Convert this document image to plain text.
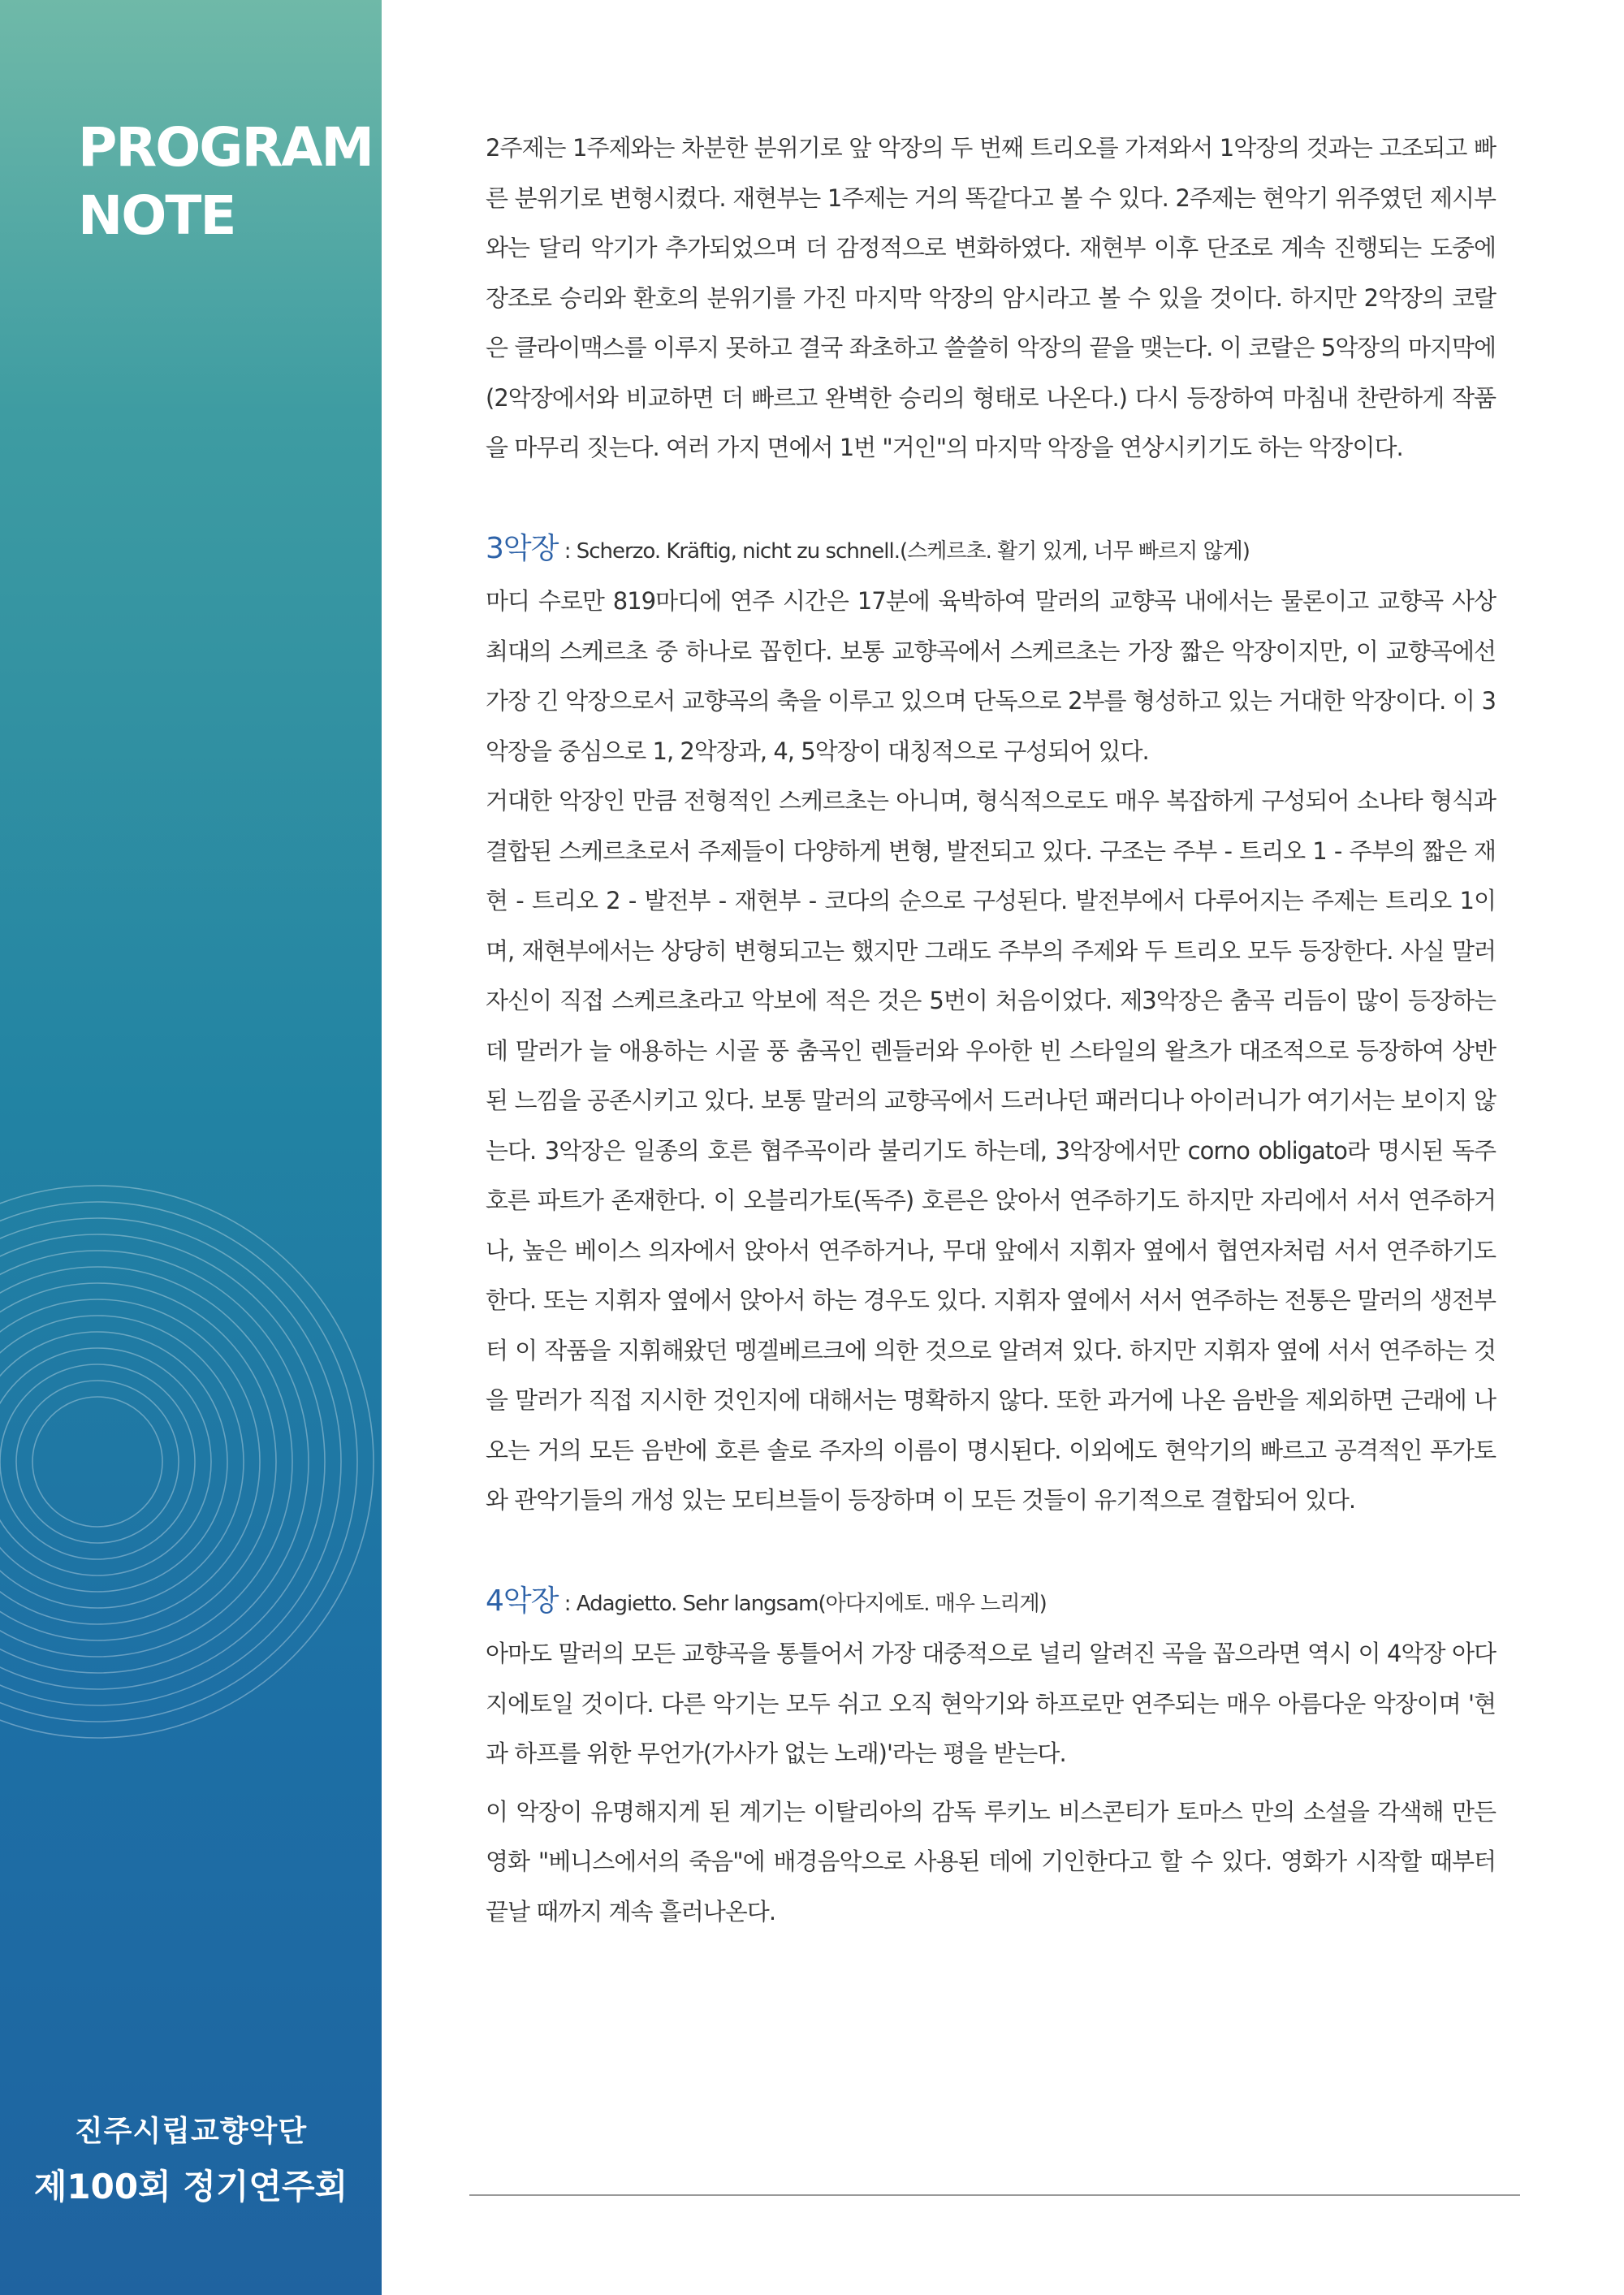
PROGRAM
NOTE
진주시립교향악단
제100회 정기연주회

2주제는 1주제와는 차분한 분위기로 앞 악장의 두 번째 트리오를 가져와서 1악장의 것과는 고조되고 빠른 분위기로 변형시켰다. 재현부는 1주제는 거의 똑같다고 볼 수 있다. 2주제는 현악기 위주였던 제시부와는 달리 악기가 추가되었으며 더 감정적으로 변화하였다. 재현부 이후 단조로 계속 진행되는 도중에 장조로 승리와 환호의 분위기를 가진 마지막 악장의 암시라고 볼 수 있을 것이다. 하지만 2악장의 코랄은 클라이맥스를 이루지 못하고 결국 좌초하고 쓸쓸히 악장의 끝을 맺는다. 이 코랄은 5악장의 마지막에 (2악장에서와 비교하면 더 빠르고 완벽한 승리의 형태로 나온다.) 다시 등장하여 마침내 찬란하게 작품을 마무리 짓는다. 여러 가지 면에서 1번 "거인"의 마지막 악장을 연상시키기도 하는 악장이다.

3악장 : Scherzo. Kräftig, nicht zu schnell.(스케르초. 활기 있게, 너무 빠르지 않게)

마디 수로만 819마디에 연주 시간은 17분에 육박하여 말러의 교향곡 내에서는 물론이고 교향곡 사상 최대의 스케르초 중 하나로 꼽힌다. 보통 교향곡에서 스케르초는 가장 짧은 악장이지만, 이 교향곡에선 가장 긴 악장으로서 교향곡의 축을 이루고 있으며 단독으로 2부를 형성하고 있는 거대한 악장이다. 이 3악장을 중심으로 1, 2악장과, 4, 5악장이 대칭적으로 구성되어 있다.

거대한 악장인 만큼 전형적인 스케르초는 아니며, 형식적으로도 매우 복잡하게 구성되어 소나타 형식과 결합된 스케르초로서 주제들이 다양하게 변형, 발전되고 있다. 구조는 주부 - 트리오 1 - 주부의 짧은 재현 - 트리오 2 - 발전부 - 재현부 - 코다의 순으로 구성된다. 발전부에서 다루어지는 주제는 트리오 1이며, 재현부에서는 상당히 변형되고는 했지만 그래도 주부의 주제와 두 트리오 모두 등장한다. 사실 말러 자신이 직접 스케르초라고 악보에 적은 것은 5번이 처음이었다. 제3악장은 춤곡 리듬이 많이 등장하는데 말러가 늘 애용하는 시골 풍 춤곡인 렌들러와 우아한 빈 스타일의 왈츠가 대조적으로 등장하여 상반된 느낌을 공존시키고 있다. 보통 말러의 교향곡에서 드러나던 패러디나 아이러니가 여기서는 보이지 않는다. 3악장은 일종의 호른 협주곡이라 불리기도 하는데, 3악장에서만 corno obligato라 명시된 독주 호른 파트가 존재한다. 이 오블리가토(독주) 호른은 앉아서 연주하기도 하지만 자리에서 서서 연주하거나, 높은 베이스 의자에서 앉아서 연주하거나, 무대 앞에서 지휘자 옆에서 협연자처럼 서서 연주하기도 한다. 또는 지휘자 옆에서 앉아서 하는 경우도 있다. 지휘자 옆에서 서서 연주하는 전통은 말러의 생전부터 이 작품을 지휘해왔던 멩겔베르크에 의한 것으로 알려져 있다. 하지만 지휘자 옆에 서서 연주하는 것을 말러가 직접 지시한 것인지에 대해서는 명확하지 않다. 또한 과거에 나온 음반을 제외하면 근래에 나오는 거의 모든 음반에 호른 솔로 주자의 이름이 명시된다. 이외에도 현악기의 빠르고 공격적인 푸가토와 관악기들의 개성 있는 모티브들이 등장하며 이 모든 것들이 유기적으로 결합되어 있다.

4악장 : Adagietto. Sehr langsam(아다지에토. 매우 느리게)

아마도 말러의 모든 교향곡을 통틀어서 가장 대중적으로 널리 알려진 곡을 꼽으라면 역시 이 4악장 아다지에토일 것이다. 다른 악기는 모두 쉬고 오직 현악기와 하프로만 연주되는 매우 아름다운 악장이며 '현과 하프를 위한 무언가(가사가 없는 노래)'라는 평을 받는다.

이 악장이 유명해지게 된 계기는 이탈리아의 감독 루키노 비스콘티가 토마스 만의 소설을 각색해 만든 영화 "베니스에서의 죽음"에 배경음악으로 사용된 데에 기인한다고 할 수 있다. 영화가 시작할 때부터 끝날 때까지 계속 흘러나온다.
